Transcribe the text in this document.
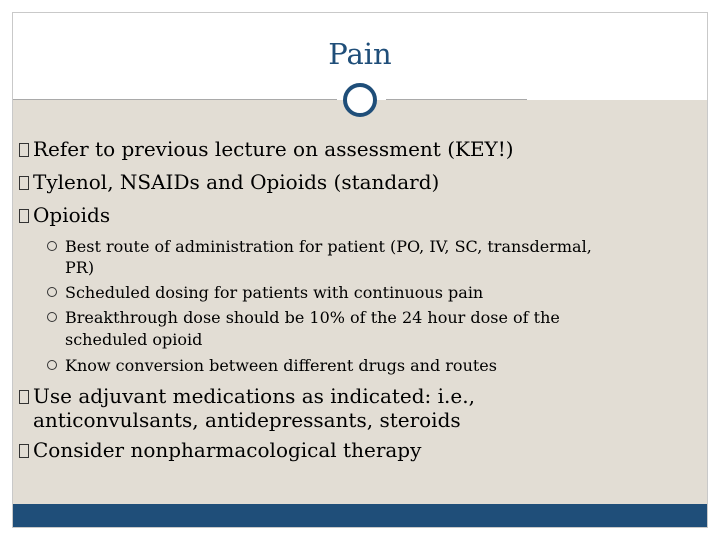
Pain
Refer to previous lecture on assessment (KEY!)
Tylenol, NSAIDs and Opioids (standard)
Opioids
Best route of administration for patient (PO, IV, SC, transdermal,
PR)
Scheduled dosing for patients with continuous pain
Breakthrough dose should be 10% of the 24 hour dose of the
scheduled opioid
Know conversion between different drugs and routes
Use adjuvant medications as indicated: i.e.,
anticonvulsants, antidepressants, steroids
Consider nonpharmacological therapy
